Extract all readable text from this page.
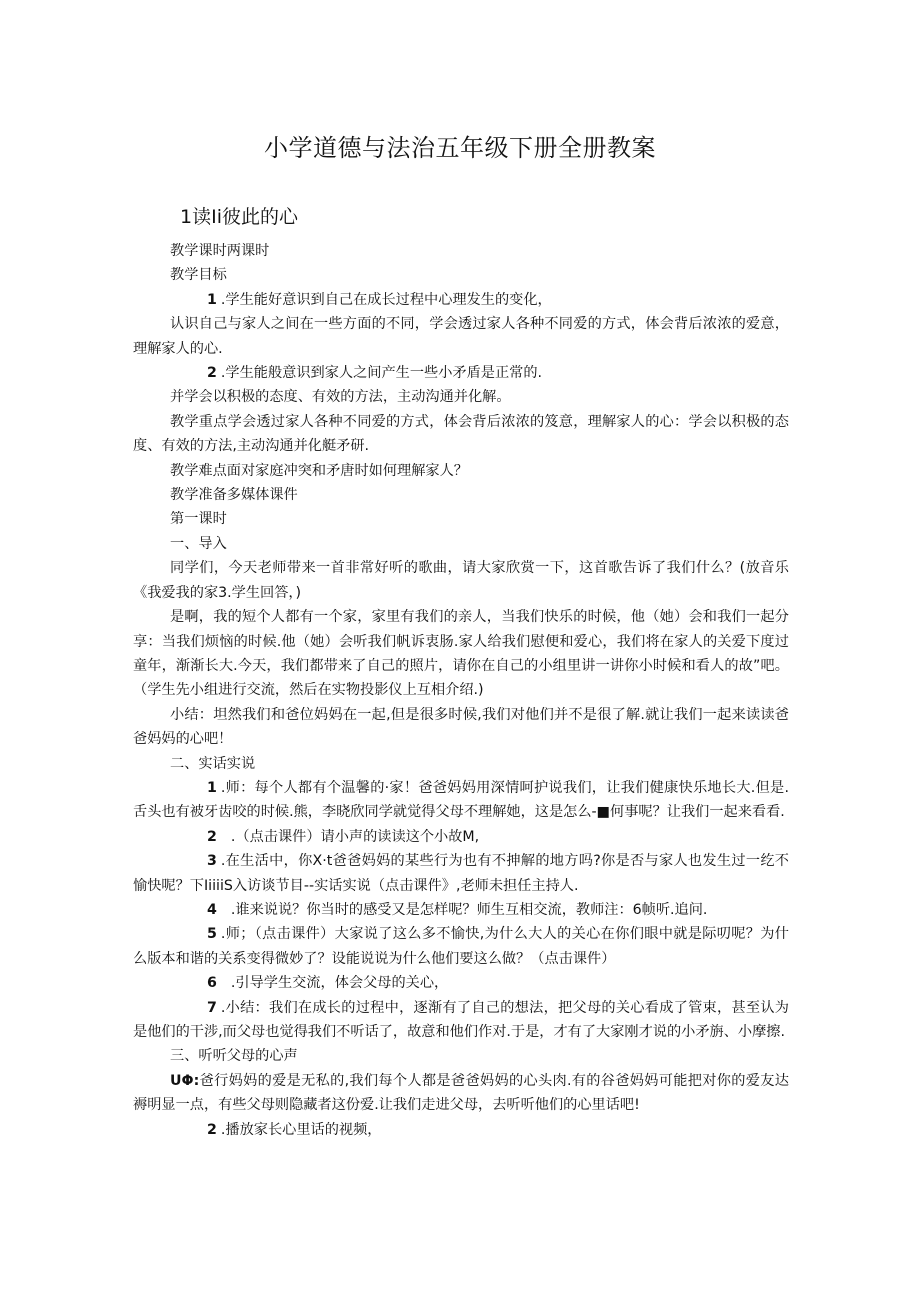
小学道德与法治五年级下册全册教案
1读Ii彼此的心

教学课时两课时

教学目标

1 .学生能好意识到自己在成长过程中心理发生的变化，

认识自己与家人之间在一些方面的不同，学会透过家人各种不同爱的方式，体会背后浓浓的爱意，理解家人的心.

2 .学生能般意识到家人之间产生一些小矛盾是正常的.

并学会以积极的态度、有效的方法，主动沟通并化解。

教学重点学会透过家人各种不同爱的方式，体会背后浓浓的笈意，理解家人的心：学会以积极的态度、有效的方法,主动沟通并化艇矛研.

教学难点面对家庭冲突和矛唐时如何理解家人？

教学准备多媒体课件

第一课时

一、导入

同学们，今天老师带来一首非常好听的歌曲，请大家欣赏一下，这首歌告诉了我们什么？(放音乐《我爱我的家3.学生回答，)

是啊，我的短个人都有一个家，家里有我们的亲人，当我们快乐的时候，他（她）会和我们一起分享：当我们烦恼的时候.他（她）会听我们帆诉衷肠.家人给我们慰便和爱心，我们将在家人的关爱下度过童年，渐渐长大.今天，我们都带来了自己的照片，请你在自己的小组里讲一讲你小时候和看人的故”吧。（学生先小组进行交流，然后在实物投影仪上互相介绍.)

小结：坦然我们和爸位妈妈在一起,但是很多时候,我们对他们并不是很了解.就让我们一起来读读爸爸妈妈的心吧！

二、实话实说

1 .师：每个人都有个温馨的·家！爸爸妈妈用深情呵护说我们，让我们健康快乐地长大.但是.舌头也有被牙齿咬的时候.熊，李晓欣同学就觉得父母不理解她，这是怎么-■何事呢？让我们一起来看看.

2 .（点击课件）请小声的读读这个小故M,

3 .在生活中，你X·t爸爸妈妈的某些行为也有不抻解的地方吗?你是否与家人也发生过一纥不愉快呢？下IiiiiS入访谈节目--实话实说（点击课件》,老师未担任主持人.

4 .谁来说说？你当时的感受又是怎样呢？师生互相交流，教师注：6帧听.追问.

5 .师；（点击课件）大家说了这么多不愉快,为什么大人的关心在你们眼中就是际叨呢？为什么版本和谐的关系变得微妙了？设能说说为什么他们要这么做？（点击课件）

6 .引导学生交流，体会父母的关心，

7 .小结：我们在成长的过程中，逐渐有了自己的想法，把父母的关心看成了管束，甚至认为是他们的干涉,而父母也觉得我们不听话了，故意和他们作对.于是，才有了大家刚才说的小矛旃、小摩擦.

三、听听父母的心声

UΦ:爸行妈妈的爱是无私的,我们每个人都是爸爸妈妈的心头肉.有的谷爸妈妈可能把对你的爱友达褥明显一点，有些父母则隐藏者这份爱.让我们走进父母，去听听他们的心里话吧!

2 .播放家长心里话的视频，
